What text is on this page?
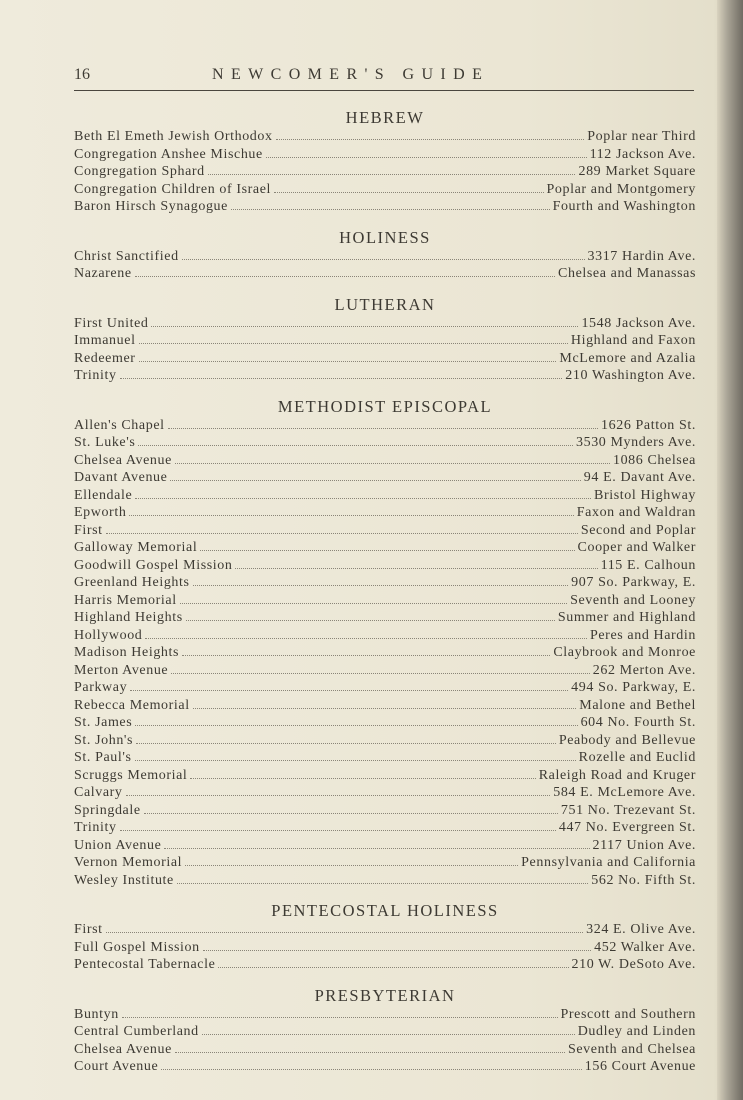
16	NEWCOMER'S GUIDE
HEBREW
Beth El Emeth Jewish Orthodox	Poplar near Third
Congregation Anshee Mischue	112 Jackson Ave.
Congregation Sphard	289 Market Square
Congregation Children of Israel	Poplar and Montgomery
Baron Hirsch Synagogue	Fourth and Washington
HOLINESS
Christ Sanctified	3317 Hardin Ave.
Nazarene	Chelsea and Manassas
LUTHERAN
First United	1548 Jackson Ave.
Immanuel	Highland and Faxon
Redeemer	McLemore and Azalia
Trinity	210 Washington Ave.
METHODIST EPISCOPAL
Allen's Chapel	1626 Patton St.
St. Luke's	3530 Mynders Ave.
Chelsea Avenue	1086 Chelsea
Davant Avenue	94 E. Davant Ave.
Ellendale	Bristol Highway
Epworth	Faxon and Waldran
First	Second and Poplar
Galloway Memorial	Cooper and Walker
Goodwill Gospel Mission	115 E. Calhoun
Greenland Heights	907 So. Parkway, E.
Harris Memorial	Seventh and Looney
Highland Heights	Summer and Highland
Hollywood	Peres and Hardin
Madison Heights	Claybrook and Monroe
Merton Avenue	262 Merton Ave.
Parkway	494 So. Parkway, E.
Rebecca Memorial	Malone and Bethel
St. James	604 No. Fourth St.
St. John's	Peabody and Bellevue
St. Paul's	Rozelle and Euclid
Scruggs Memorial	Raleigh Road and Kruger
Calvary	584 E. McLemore Ave.
Springdale	751 No. Trezevant St.
Trinity	447 No. Evergreen St.
Union Avenue	2117 Union Ave.
Vernon Memorial	Pennsylvania and California
Wesley Institute	562 No. Fifth St.
PENTECOSTAL HOLINESS
First	324 E. Olive Ave.
Full Gospel Mission	452 Walker Ave.
Pentecostal Tabernacle	210 W. DeSoto Ave.
PRESBYTERIAN
Buntyn	Prescott and Southern
Central Cumberland	Dudley and Linden
Chelsea Avenue	Seventh and Chelsea
Court Avenue	156 Court Avenue
